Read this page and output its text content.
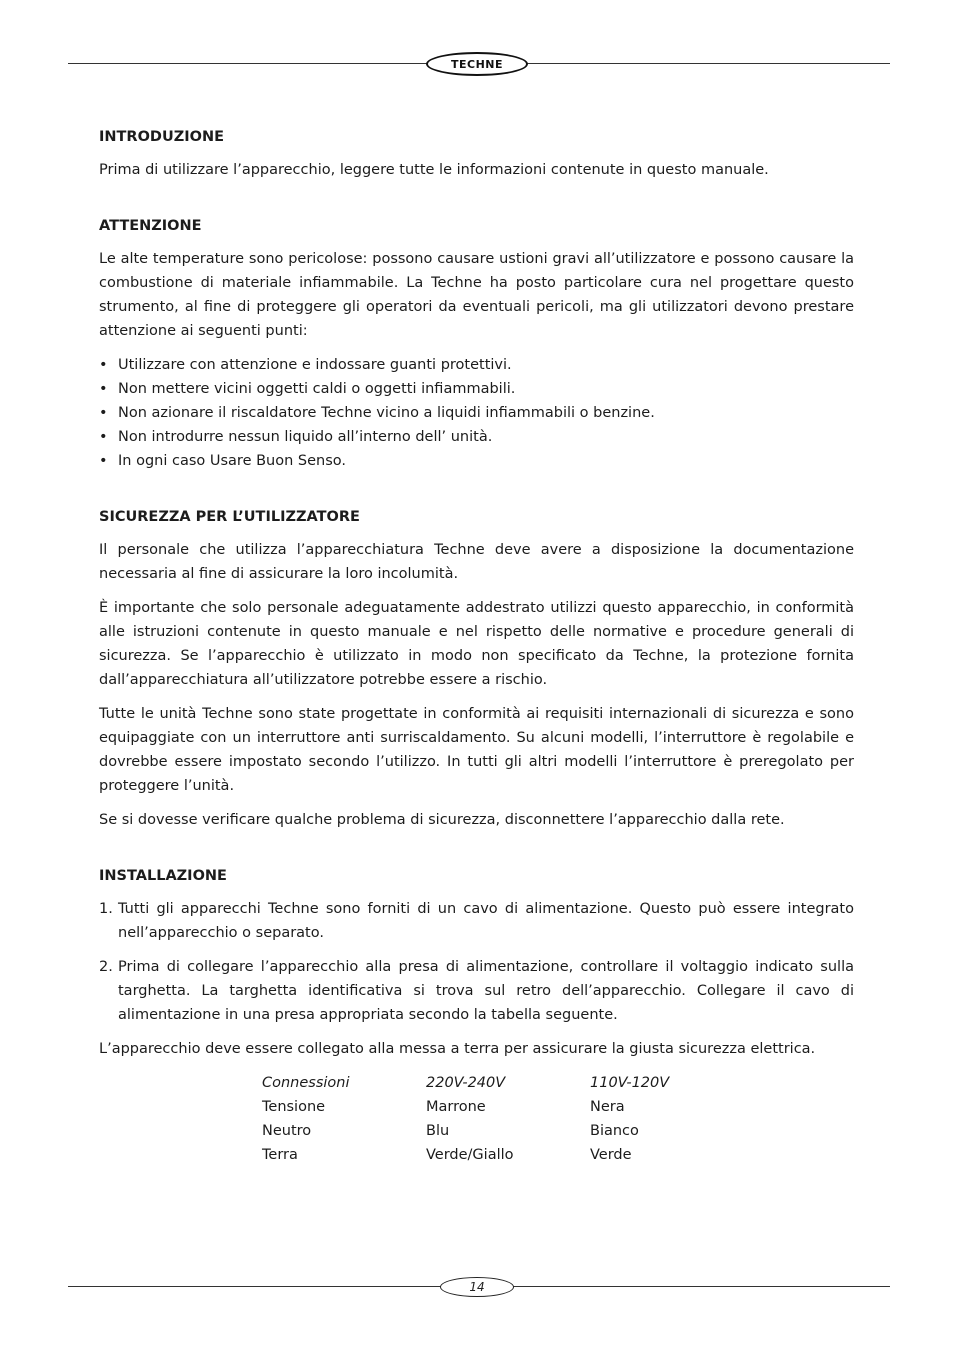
TECHNE
INTRODUZIONE

Prima di utilizzare l’apparecchio, leggere tutte le informazioni contenute in questo manuale.

ATTENZIONE

Le alte temperature sono pericolose: possono causare ustioni gravi all’utilizzatore e possono causare la combustione di materiale infiammabile. La Techne ha posto particolare cura nel progettare questo strumento, al fine di proteggere gli operatori da eventuali pericoli, ma gli utilizzatori devono prestare attenzione ai seguenti punti:

• Utilizzare con attenzione e indossare guanti protettivi.
• Non mettere vicini oggetti caldi o oggetti infiammabili.
• Non azionare il riscaldatore Techne vicino a liquidi infiammabili o benzine.
• Non introdurre nessun liquido all’interno dell’ unità.
• In ogni caso Usare Buon Senso.
SICUREZZA PER L’UTILIZZATORE

Il personale che utilizza l’apparecchiatura Techne deve avere a disposizione la documentazione necessaria al fine di assicurare la loro incolumità.

È importante che solo personale adeguatamente addestrato utilizzi questo apparecchio, in conformità alle istruzioni contenute in questo manuale e nel rispetto delle normative e procedure generali di sicurezza. Se l’apparecchio è utilizzato in modo non specificato da Techne, la protezione fornita dall’apparecchiatura all’utilizzatore potrebbe essere a rischio.

Tutte le unità Techne sono state progettate in conformità ai requisiti internazionali di sicurezza e sono equipaggiate con un interruttore anti surriscaldamento. Su alcuni modelli, l’interruttore è regolabile e dovrebbe essere impostato secondo l’utilizzo. In tutti gli altri modelli l’interruttore è preregolato per proteggere l’unità.

Se si dovesse verificare qualche problema di sicurezza, disconnettere l’apparecchio dalla rete.

INSTALLAZIONE
1. Tutti gli apparecchi Techne sono forniti di un cavo di alimentazione. Questo può essere integrato nell’apparecchio o separato.
2. Prima di collegare l’apparecchio alla presa di alimentazione, controllare il voltaggio indicato sulla targhetta. La targhetta identificativa si trova sul retro dell’apparecchio. Collegare il cavo di alimentazione in una presa appropriata secondo la tabella seguente.

L’apparecchio deve essere collegato alla messa a terra per assicurare la giusta sicurezza elettrica.

Connessioni	220V-240V	110V-120V
Tensione	Marrone	Nera
Neutro	Blu	Bianco
Terra	Verde/Giallo	Verde
14
